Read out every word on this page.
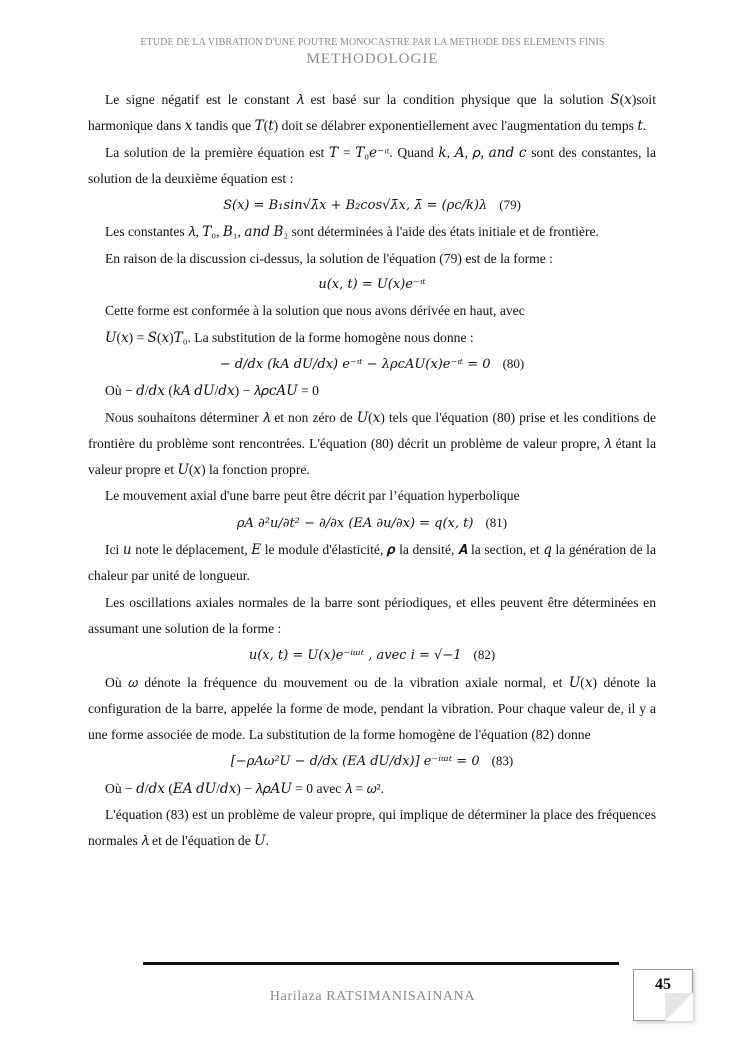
ETUDE DE LA VIBRATION D'UNE POUTRE MONOCASTRE PAR LA METHODE DES ELEMENTS FINIS
METHODOLOGIE

Le signe négatif est le constant 𝜆 est basé sur la condition physique que la solution 𝑆(𝑥)soit harmonique dans 𝑥 tandis que 𝑇(𝑡) doit se délabrer exponentiellement avec l'augmentation du temps 𝑡.

La solution de la première équation est 𝑇 = 𝑇₀𝑒⁻ᶥᵗ. Quand 𝑘, 𝐴, 𝜌, 𝑎𝑛𝑑 𝑐 sont des constantes, la solution de la deuxième équation est :

𝑆(𝑥) = 𝐵₁𝑠𝑖𝑛√λ̄𝑥 + 𝐵₂𝑐𝑜𝑠√λ̄𝑥, λ̄ = (𝜌𝑐/𝑘)𝜆 (79)

Les constantes 𝜆, 𝑇₀, 𝐵₁, 𝑎𝑛𝑑 𝐵₂ sont déterminées à l'aide des états initiale et de frontière.

En raison de la discussion ci-dessus, la solution de l'équation (79) est de la forme :

𝑢(𝑥, 𝑡) = 𝑈(𝑥)𝑒⁻ᶥᵗ

Cette forme est conformée à la solution que nous avons dérivée en haut, avec

𝑈(𝑥) = 𝑆(𝑥)𝑇₀. La substitution de la forme homogène nous donne :

− 𝑑/𝑑𝑥 (𝑘𝐴 𝑑𝑈/𝑑𝑥) 𝑒⁻ᶥᵗ − 𝜆𝜌𝑐𝐴𝑈(𝑥)𝑒⁻ᶥᵗ = 0 (80)

Où − 𝑑/𝑑𝑥 (𝑘𝐴 𝑑𝑈/𝑑𝑥) − 𝜆𝜌𝑐𝐴𝑈 = 0

Nous souhaitons déterminer 𝜆 et non zéro de 𝑈(𝑥) tels que l'équation (80) prise et les conditions de frontière du problème sont rencontrées. L'équation (80) décrit un problème de valeur propre, 𝜆 étant la valeur propre et 𝑈(𝑥) la fonction propre.

Le mouvement axial d'une barre peut être décrit par l’équation hyperbolique

𝜌𝐴 ∂²𝑢/∂𝑡² − ∂/∂𝑥 (𝐸𝐴 ∂𝑢/∂𝑥) = 𝑞(𝑥, 𝑡) (81)

Ici 𝑢 note le déplacement, 𝐸 le module d'élasticité, 𝝆 la densité, 𝑨 la section, et 𝑞 la génération de la chaleur par unité de longueur.

Les oscillations axiales normales de la barre sont périodiques, et elles peuvent être déterminées en assumant une solution de la forme :

𝑢(𝑥, 𝑡) = 𝑈(𝑥)𝑒⁻ⁱᵚᵗ , avec 𝑖 = √−1 (82)

Où 𝜔 dénote la fréquence du mouvement ou de la vibration axiale normal, et 𝑈(𝑥) dénote la configuration de la barre, appelée la forme de mode, pendant la vibration. Pour chaque valeur de, il y a une forme associée de mode. La substitution de la forme homogène de l'équation (82) donne

[−𝜌𝐴𝜔²𝑈 − 𝑑/𝑑𝑥 (𝐸𝐴 𝑑𝑈/𝑑𝑥)] 𝑒⁻ⁱᵚᵗ = 0 (83)

Où − 𝑑/𝑑𝑥 (𝐸𝐴 𝑑𝑈/𝑑𝑥) − 𝜆𝜌𝐴𝑈 = 0 avec 𝜆 = 𝜔².

L'équation (83) est un problème de valeur propre, qui implique de déterminer la place des fréquences normales 𝜆 et de l'équation de 𝑈.

45
Harilaza RATSIMANISAINANA
